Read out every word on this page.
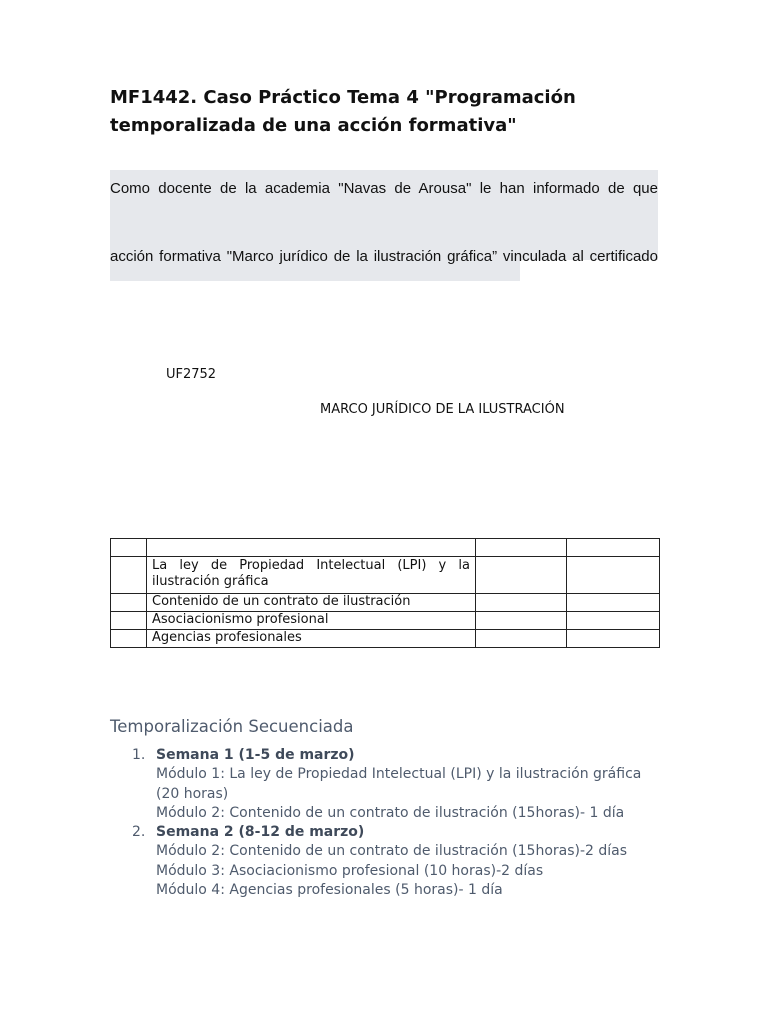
MF1442. Caso Práctico Tema 4 "Programación
temporalizada de una acción formativa"
Como docente de la academia "Navas de Arousa" le han informado de que
acción formativa "Marco jurídico de la ilustración gráfica” vinculada al certificado
UF2752
MARCO JURÍDICO DE LA ILUSTRACIÓN

	La ley de Propiedad Intelectual (LPI) y la ilustración gráfica		
	Contenido de un contrato de ilustración		
	Asociacionismo profesional		
	Agencias profesionales		
Temporalización Secuenciada
1. Semana 1 (1-5 de marzo)
Módulo 1: La ley de Propiedad Intelectual (LPI) y la ilustración gráfica
(20 horas)
Módulo 2: Contenido de un contrato de ilustración (15horas)- 1 día
2. Semana 2 (8-12 de marzo)
Módulo 2: Contenido de un contrato de ilustración (15horas)-2 días
Módulo 3: Asociacionismo profesional (10 horas)-2 días
Módulo 4: Agencias profesionales (5 horas)- 1 día
